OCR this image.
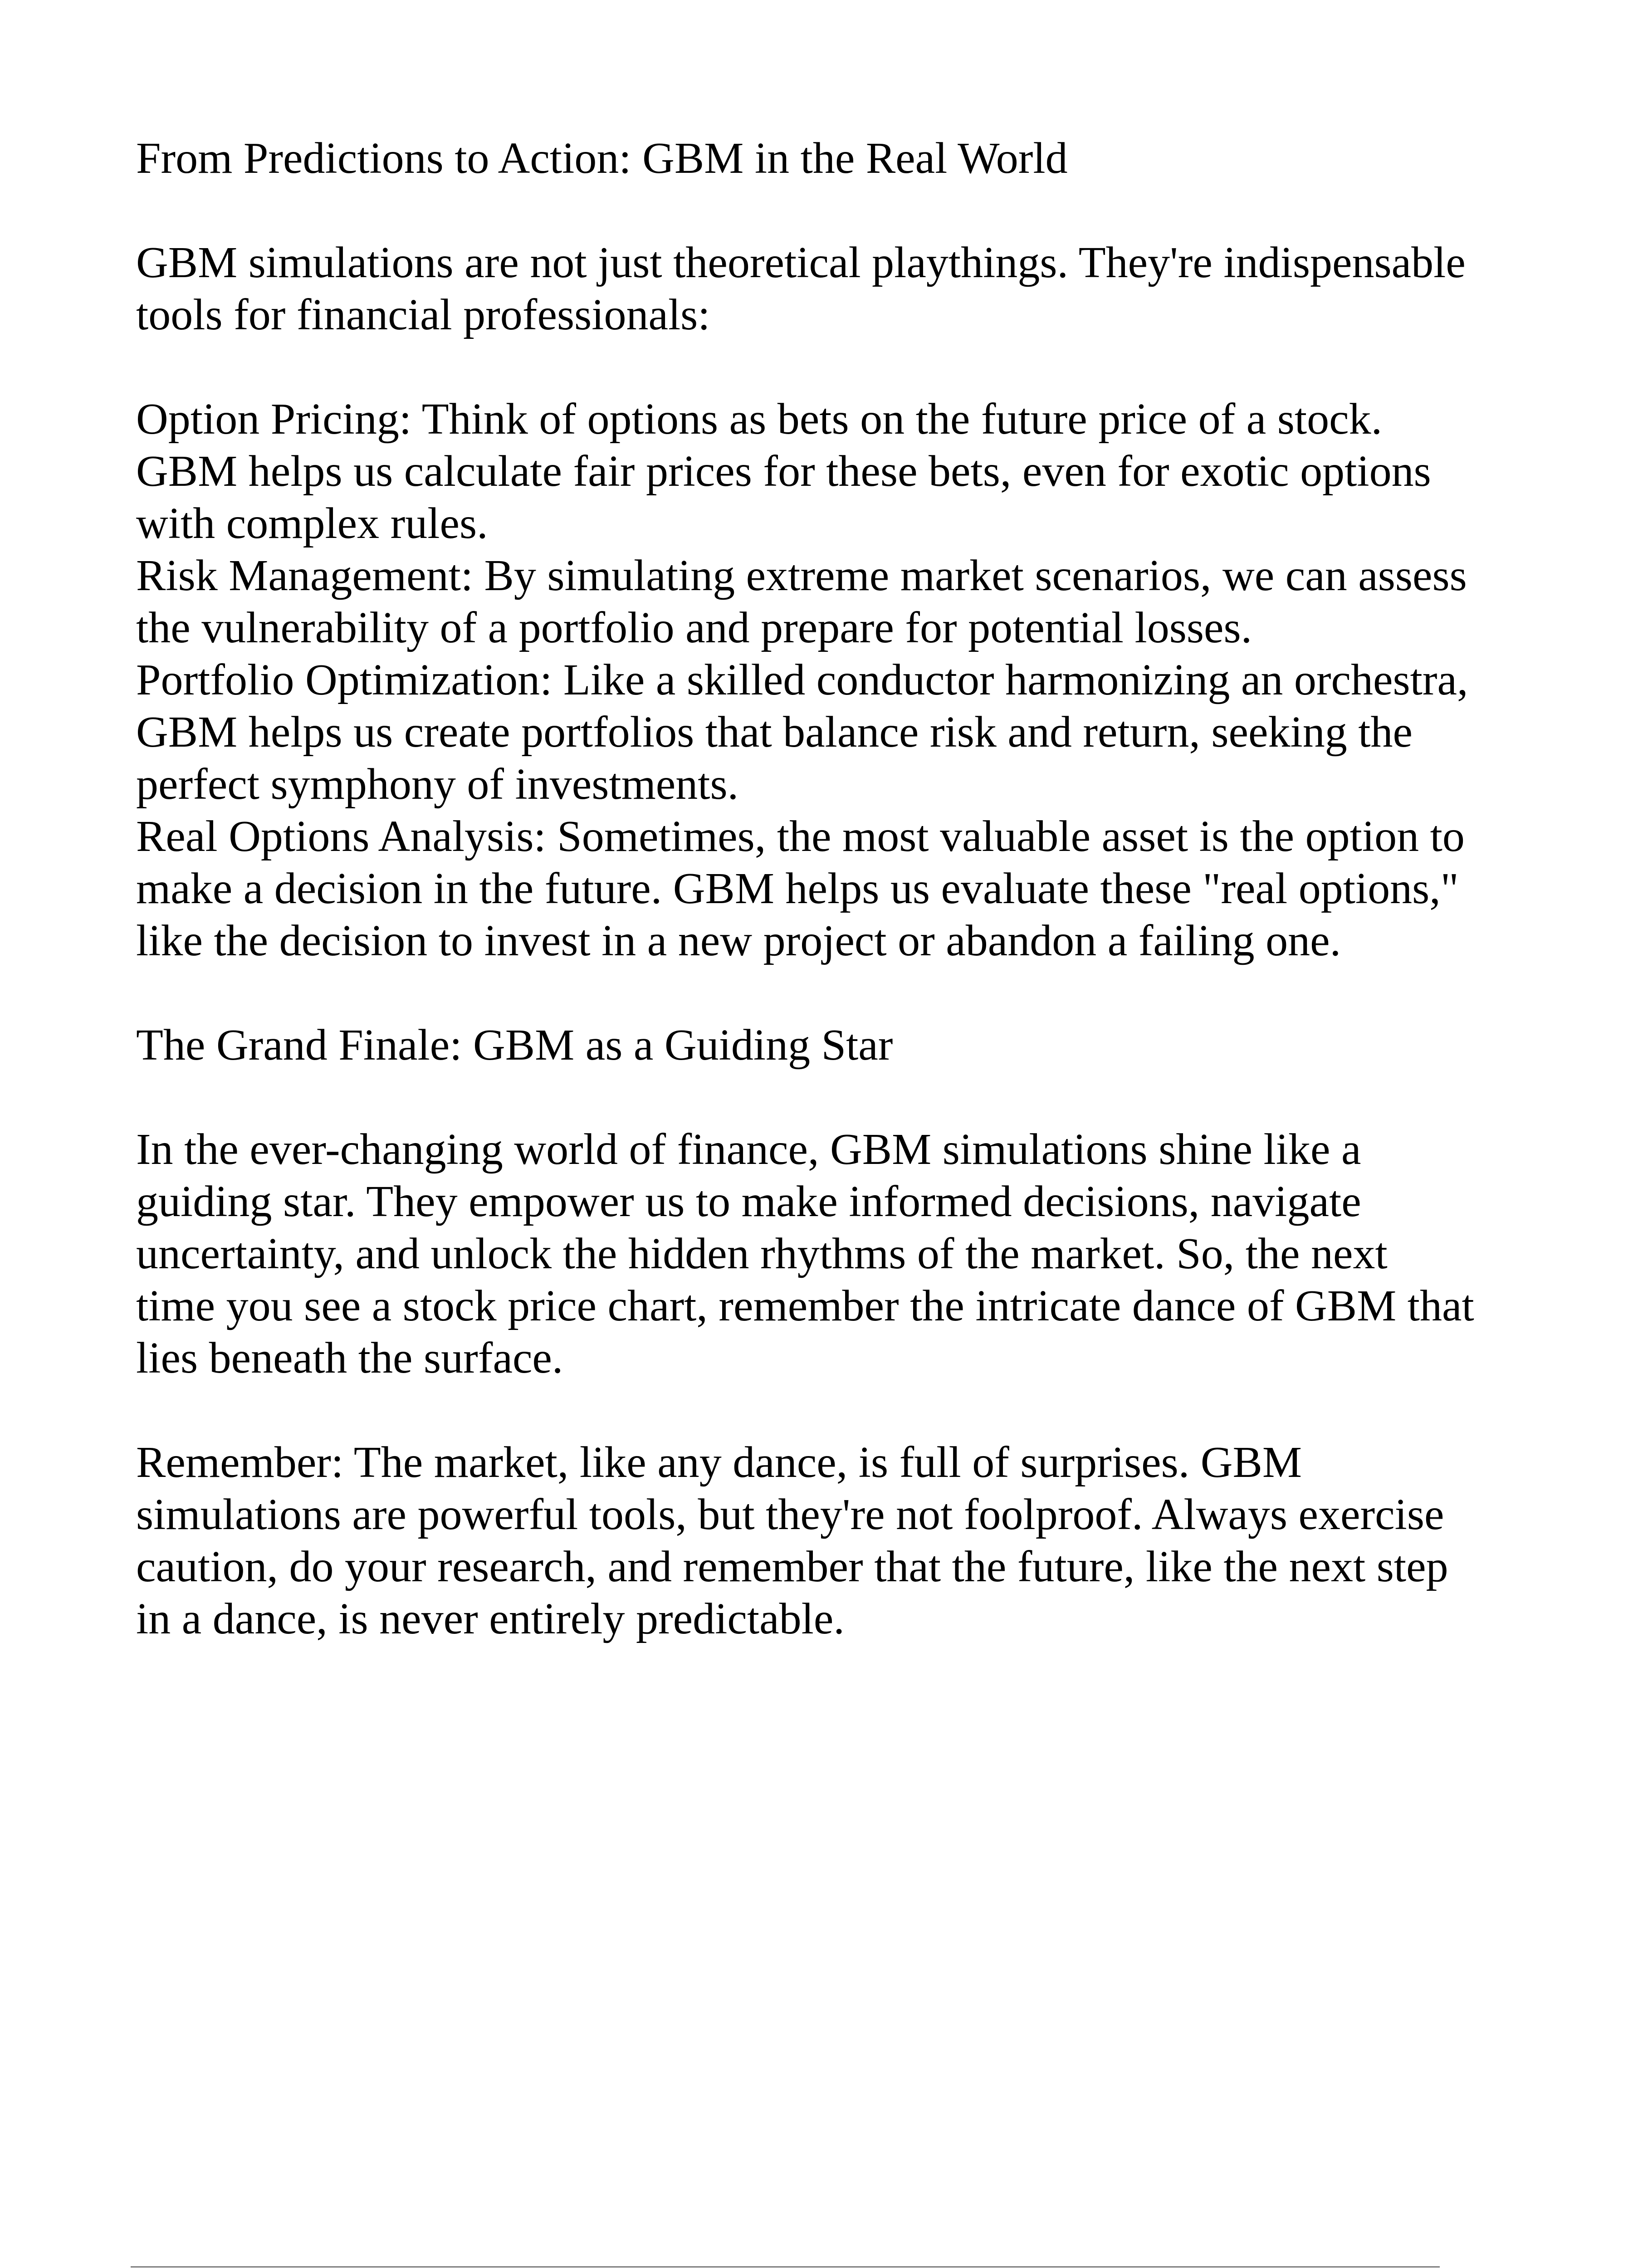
From Predictions to Action: GBM in the Real World

GBM simulations are not just theoretical playthings. They're indispensable tools for financial professionals:

Option Pricing: Think of options as bets on the future price of a stock. GBM helps us calculate fair prices for these bets, even for exotic options with complex rules.

Risk Management: By simulating extreme market scenarios, we can assess the vulnerability of a portfolio and prepare for potential losses.

Portfolio Optimization: Like a skilled conductor harmonizing an orchestra, GBM helps us create portfolios that balance risk and return, seeking the perfect symphony of investments.

Real Options Analysis: Sometimes, the most valuable asset is the option to make a decision in the future. GBM helps us evaluate these "real options," like the decision to invest in a new project or abandon a failing one.

The Grand Finale: GBM as a Guiding Star

In the ever-changing world of finance, GBM simulations shine like a guiding star. They empower us to make informed decisions, navigate uncertainty, and unlock the hidden rhythms of the market. So, the next time you see a stock price chart, remember the intricate dance of GBM that lies beneath the surface.

Remember: The market, like any dance, is full of surprises. GBM simulations are powerful tools, but they're not foolproof. Always exercise caution, do your research, and remember that the future, like the next step in a dance, is never entirely predictable.
